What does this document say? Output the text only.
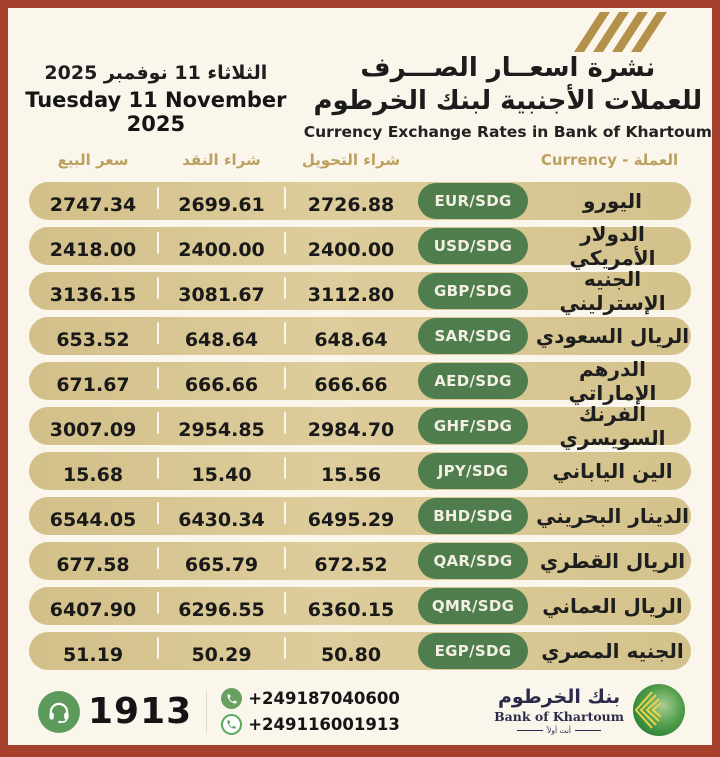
الثلاثاء 11 نوفمبر 2025
Tuesday 11 November 2025
نشرة اسعــار الصـــرف
للعملات الأجنبية لبنك الخرطوم
Currency Exchange Rates in Bank of Khartoum
سعر البيع	شراء النقد	شراء التحويل	العملة - Currency
2747.34	2699.61	2726.88	EUR/SDG	اليورو
2418.00	2400.00	2400.00	USD/SDG	الدولار الأمريكي
3136.15	3081.67	3112.80	GBP/SDG	الجنيه الإسترليني
653.52	648.64	648.64	SAR/SDG	الريال السعودي
671.67	666.66	666.66	AED/SDG	الدرهم الإماراتي
3007.09	2954.85	2984.70	GHF/SDG	الفرنك السويسري
15.68	15.40	15.56	JPY/SDG	الين الياباني
6544.05	6430.34	6495.29	BHD/SDG	الدينار البحريني
677.58	665.79	672.52	QAR/SDG	الريال القطري
6407.90	6296.55	6360.15	QMR/SDG	الريال العماني
51.19	50.29	50.80	EGP/SDG	الجنيه المصري
1913	+249187040600
+249116001913
بنك الخرطوم
Bank of Khartoum
أنت أولاً
